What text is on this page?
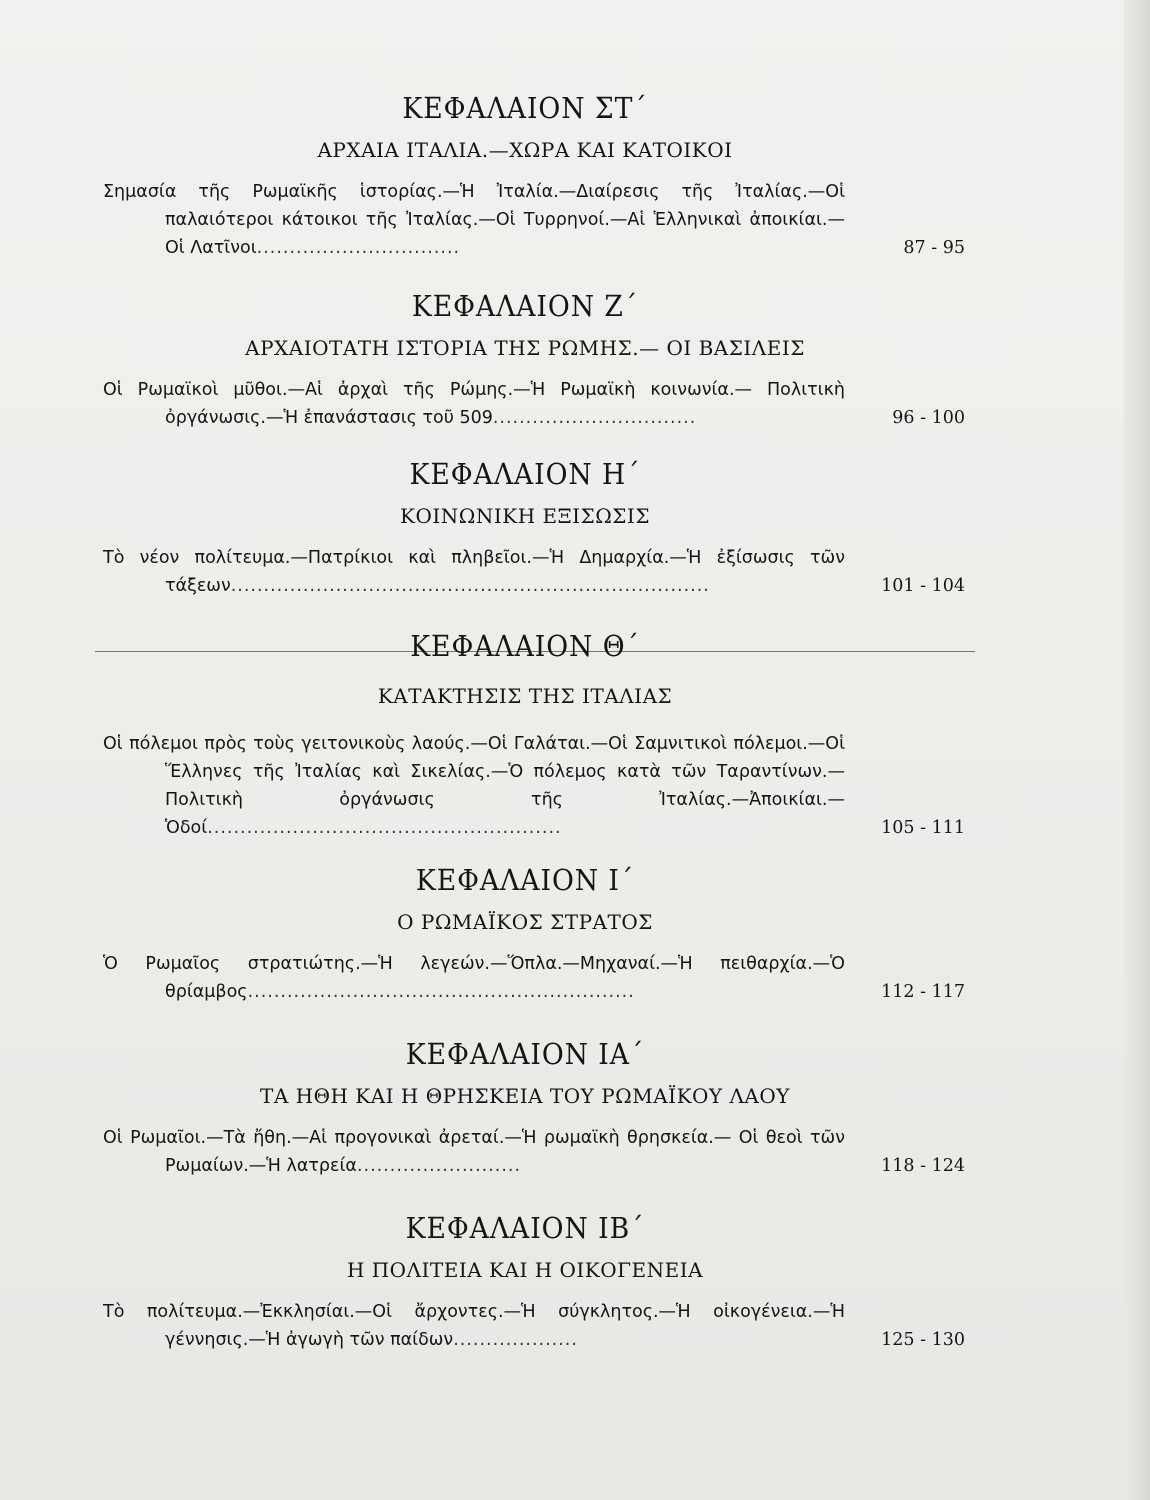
ΚΕΦΑΛΑΙΟΝ ΣΤ΄
ΑΡΧΑΙΑ ΙΤΑΛΙΑ.—ΧΩΡΑ ΚΑΙ ΚΑΤΟΙΚΟΙ
Σημασία τῆς Ρωμαϊκῆς ἱστορίας.—Ἡ Ἰταλία.—Διαίρεσις τῆς Ἰταλίας.—Οἱ παλαιότεροι κάτοικοι τῆς Ἰταλίας.—Οἱ Τυρρηνοί.—Αἱ Ἑλληνικαὶ ἀποικίαι.—Οἱ Λατῖνοι...............................	87 - 95
ΚΕΦΑΛΑΙΟΝ Ζ΄
ΑΡΧΑΙΟΤΑΤΗ ΙΣΤΟΡΙΑ ΤΗΣ ΡΩΜΗΣ.— ΟΙ ΒΑΣΙΛΕΙΣ
Οἱ Ρωμαϊκοὶ μῦθοι.—Αἱ ἀρχαὶ τῆς Ρώμης.—Ἡ Ρωμαϊκὴ κοινωνία.— Πολιτικὴ ὀργάνωσις.—Ἡ ἐπανάστασις τοῦ 509...............................	96 - 100
ΚΕΦΑΛΑΙΟΝ Η΄
ΚΟΙΝΩΝΙΚΗ ΕΞΙΣΩΣΙΣ
Τὸ νέον πολίτευμα.—Πατρίκιοι καὶ πληβεῖοι.—Ἡ Δημαρχία.—Ἡ ἐξίσωσις τῶν τάξεων.........................................................................	101 - 104
ΚΕΦΑΛΑΙΟΝ Θ΄
ΚΑΤΑΚΤΗΣΙΣ ΤΗΣ ΙΤΑΛΙΑΣ
Οἱ πόλεμοι πρὸς τοὺς γειτονικοὺς λαούς.—Οἱ Γαλάται.—Οἱ Σαμνιτικοὶ πόλεμοι.—Οἱ Ἕλληνες τῆς Ἰταλίας καὶ Σικελίας.—Ὁ πόλεμος κατὰ τῶν Ταραντίνων.—Πολιτικὴ ὀργάνωσις τῆς Ἰταλίας.—Ἀποικίαι.—Ὁδοί......................................................	105 - 111
ΚΕΦΑΛΑΙΟΝ Ι΄
Ο ΡΩΜΑΪΚΟΣ ΣΤΡΑΤΟΣ
Ὁ Ρωμαῖος στρατιώτης.—Ἡ λεγεών.—Ὅπλα.—Μηχαναί.—Ἡ πειθαρχία.—Ὁ θρίαμβος...........................................................	112 - 117
ΚΕΦΑΛΑΙΟΝ ΙΑ΄
ΤΑ ΗΘΗ ΚΑΙ Η ΘΡΗΣΚΕΙΑ ΤΟΥ ΡΩΜΑΪΚΟΥ ΛΑΟΥ
Οἱ Ρωμαῖοι.—Τὰ ἤθη.—Αἱ προγονικαὶ ἀρεταί.—Ἡ ρωμαϊκὴ θρησκεία.— Οἱ θεοὶ τῶν Ρωμαίων.—Ἡ λατρεία.........................	118 - 124
ΚΕΦΑΛΑΙΟΝ ΙΒ΄
Η ΠΟΛΙΤΕΙΑ ΚΑΙ Η ΟΙΚΟΓΕΝΕΙΑ
Τὸ πολίτευμα.—Ἐκκλησίαι.—Οἱ ἄρχοντες.—Ἡ σύγκλητος.—Ἡ οἰκογένεια.—Ἡ γέννησις.—Ἡ ἀγωγὴ τῶν παίδων...................	125 - 130
